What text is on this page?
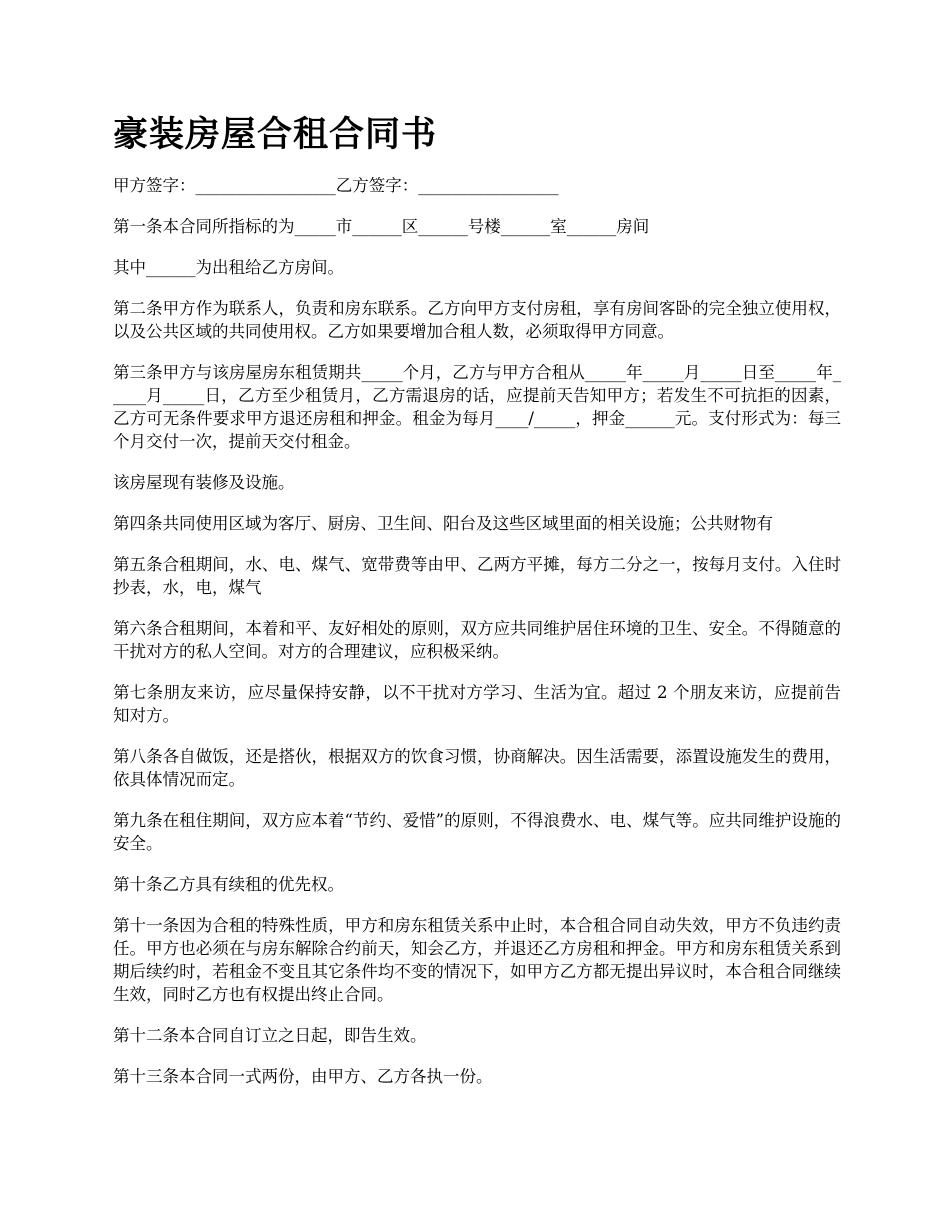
豪装房屋合租合同书

甲方签字：_________________乙方签字：_________________

第一条本合同所指标的为_____市______区______号楼______室______房间

其中______为出租给乙方房间。

第二条甲方作为联系人，负责和房东联系。乙方向甲方支付房租，享有房间客卧的完全独立使用权，以及公共区域的共同使用权。乙方如果要增加合租人数，必须取得甲方同意。

第三条甲方与该房屋房东租赁期共_____个月，乙方与甲方合租从_____年_____月_____日至_____年_____月_____日，乙方至少租赁月，乙方需退房的话，应提前天告知甲方；若发生不可抗拒的因素，乙方可无条件要求甲方退还房租和押金。租金为每月____/_____，押金______元。支付形式为：每三个月交付一次，提前天交付租金。

该房屋现有装修及设施。

第四条共同使用区域为客厅、厨房、卫生间、阳台及这些区域里面的相关设施；公共财物有

第五条合租期间，水、电、煤气、宽带费等由甲、乙两方平摊，每方二分之一，按每月支付。入住时抄表，水，电，煤气

第六条合租期间，本着和平、友好相处的原则，双方应共同维护居住环境的卫生、安全。不得随意的干扰对方的私人空间。对方的合理建议，应积极采纳。

第七条朋友来访，应尽量保持安静，以不干扰对方学习、生活为宜。超过 2 个朋友来访，应提前告知对方。

第八条各自做饭，还是搭伙，根据双方的饮食习惯，协商解决。因生活需要，添置设施发生的费用，依具体情况而定。

第九条在租住期间，双方应本着“节约、爱惜”的原则，不得浪费水、电、煤气等。应共同维护设施的安全。

第十条乙方具有续租的优先权。

第十一条因为合租的特殊性质，甲方和房东租赁关系中止时，本合租合同自动失效，甲方不负违约责任。甲方也必须在与房东解除合约前天，知会乙方，并退还乙方房租和押金。甲方和房东租赁关系到期后续约时，若租金不变且其它条件均不变的情况下，如甲方乙方都无提出异议时，本合租合同继续生效，同时乙方也有权提出终止合同。

第十二条本合同自订立之日起，即告生效。

第十三条本合同一式两份，由甲方、乙方各执一份。
